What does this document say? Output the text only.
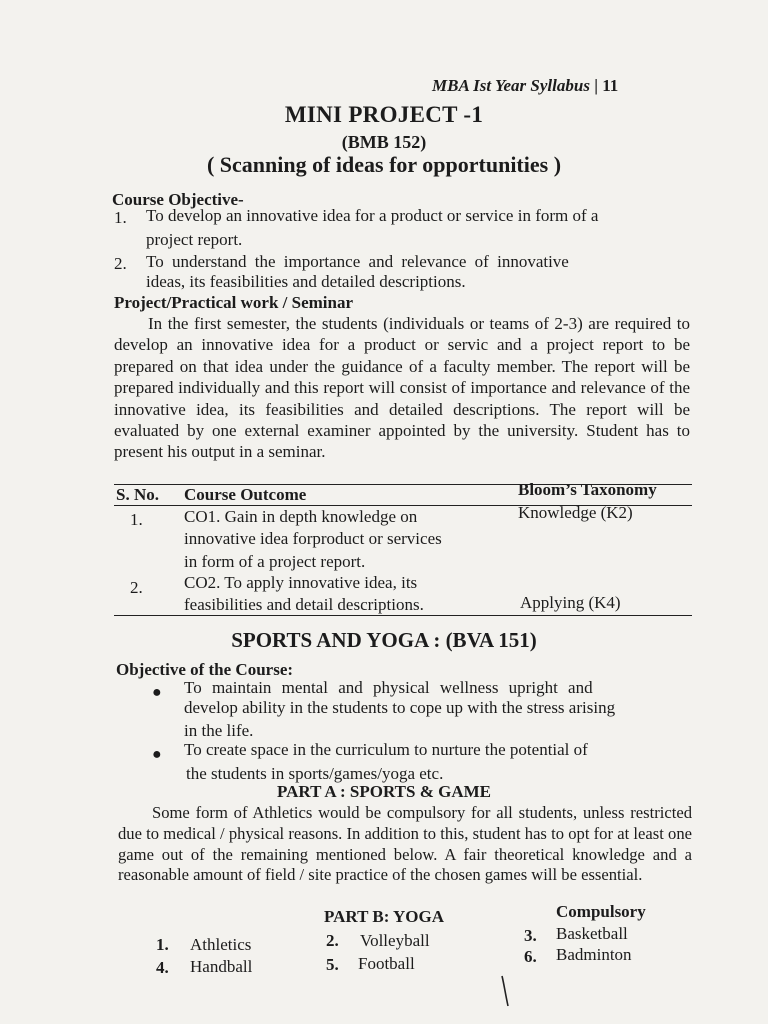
MBA Ist Year Syllabus | 11
MINI PROJECT -1
(BMB 152)
( Scanning of ideas for opportunities )
Course Objective-
1. To develop an innovative idea for a product or service in form of a
project report.
2. To understand the importance and relevance of innovative
ideas, its feasibilities and detailed descriptions.
Project/Practical work / Seminar
In the first semester, the students (individuals or teams of 2-3) are required to develop an innovative idea for a product or servic and a project report to be prepared on that idea under the guidance of a faculty member. The report will be prepared individually and this report will consist of importance and relevance of the innovative idea, its feasibilities and detailed descriptions. The report will be evaluated by one external examiner appointed by the university. Student has to present his output in a seminar.
S. No. Course Outcome	Bloom’s Taxonomy
1. CO1. Gain in depth knowledge on
innovative idea forproduct or services
in form of a project report.
Knowledge (K2)
2. CO2. To apply innovative idea, its
feasibilities and detail descriptions.	Applying (K4)
SPORTS AND YOGA : (BVA 151)
Objective of the Course:
● To maintain mental and physical wellness upright and
develop ability in the students to cope up with the stress arising
in the life.
● To create space in the curriculum to nurture the potential of
the students in sports/games/yoga etc.
PART A : SPORTS & GAME
Some form of Athletics would be compulsory for all students, unless restricted due to medical / physical reasons. In addition to this, student has to opt for at least one game out of the remaining mentioned below. A fair theoretical knowledge and a reasonable amount of field / site practice of the chosen games will be essential.
PART B: YOGA	Compulsory
1. Athletics	2. Volleyball	3. Basketball
4. Handball	5. Football	6. Badminton
